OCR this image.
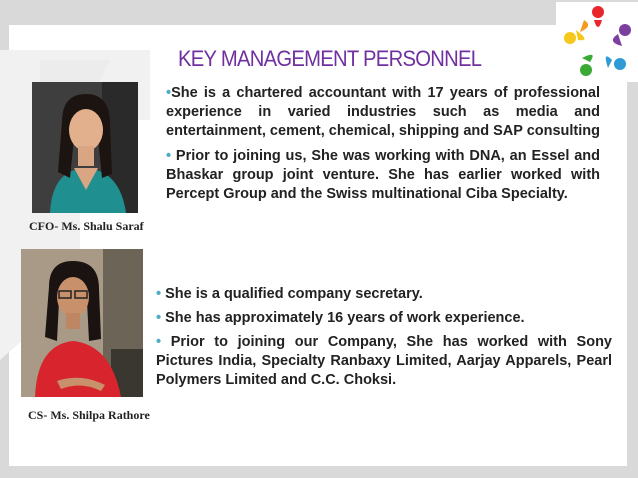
KEY MANAGEMENT PERSONNEL
CFO- Ms. Shalu Saraf

•She is a chartered accountant with 17 years of professional experience in varied industries such as media and entertainment, cement, chemical, shipping and SAP consulting

• Prior to joining us, She was working with DNA, an Essel and Bhaskar group joint venture. She has earlier worked with Percept Group and the Swiss multinational Ciba Specialty.

CS- Ms. Shilpa Rathore

• She is a qualified company secretary.

• She has approximately 16 years of work experience.

• Prior to joining our Company, She has worked with Sony Pictures India, Specialty Ranbaxy Limited, Aarjay Apparels, Pearl Polymers Limited and C.C. Choksi.
